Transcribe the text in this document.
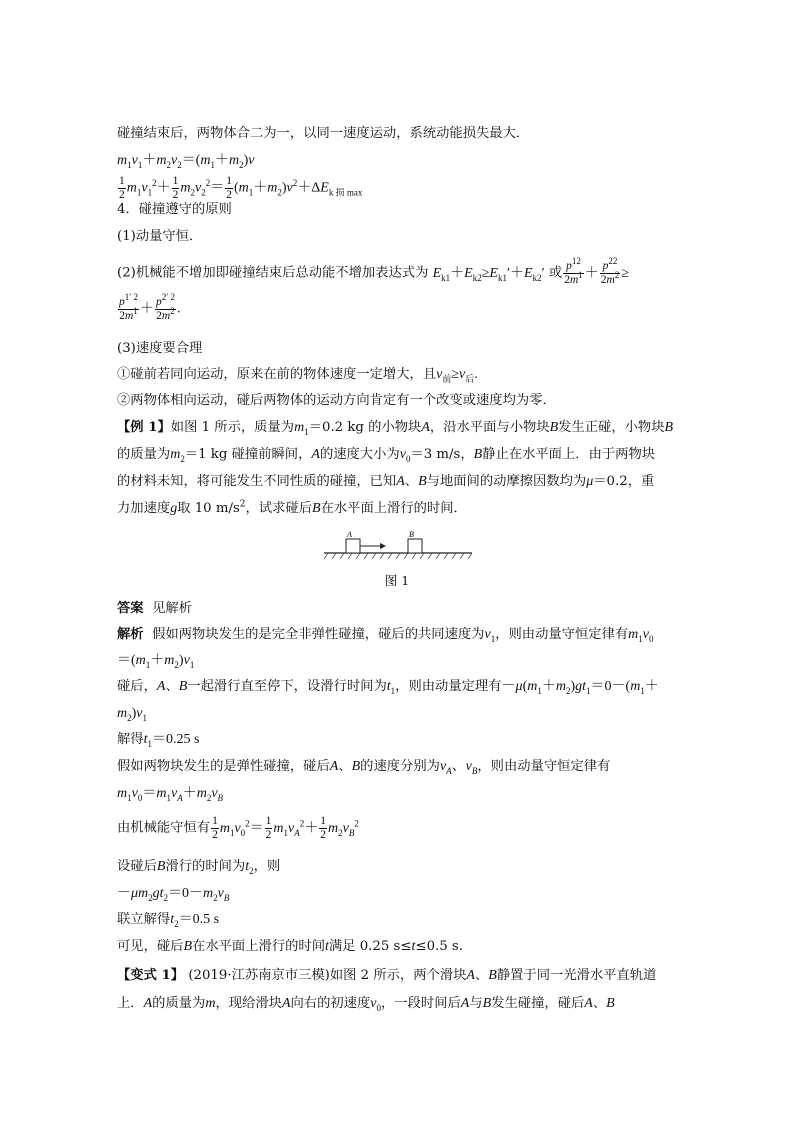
碰撞结束后，两物体合二为一，以同一速度运动，系统动能损失最大．
$m_1v_1+m_2v_2=(m_1+m_2)v$
$\frac{1}{2} m_1v_1^2+ \frac{1}{2} m_2v_2^2= \frac{1}{2} (m_1+m_2)v^2+\Delta E_{k 损 max}$
4．碰撞遵守的原则
(1)动量守恒．
(2)机械能不增加即碰撞结束后总动能不增加表达式为 $E_{k1}+E_{k2}\ge E_{k1}'+E_{k2}'$ 或 $\frac{p^{12}}{2m^1} + \frac{p^{22}}{2m^2}$ ≥
$\frac{p^{1' 2}}{2m^1} + \frac{p^{2' 2}}{2m^2}$ .
(3)速度要合理
①碰前若同向运动，原来在前的物体速度一定增大，且$v_前\ge v_后$.
②两物体相向运动，碰后两物体的运动方向肯定有一个改变或速度均为零．
【例 1】如图 1 所示，质量为$m_1=0.2$ kg 的小物块A，沿水平面与小物块B发生正碰，小物块B
的质量为$m_2=1$ kg 碰撞前瞬间，A的速度大小为$v_0=3$ m/s，B静止在水平面上．由于两物块
的材料未知，将可能发生不同性质的碰撞，已知A、B与地面间的动摩擦因数均为μ＝0.2，重
力加速度g取 10 $m/s^2$，试求碰后B在水平面上滑行的时间．
A	B
图 1
答案 见解析
解析 假如两物块发生的是完全非弹性碰撞，碰后的共同速度为$v_1$，则由动量守恒定律有$m_1v_0$
$=(m_1+m_2)v_1$
碰后，A、B一起滑行直至停下，设滑行时间为$t_1$，则由动量定理有$-\mu(m_1+m_2)gt_1=0-(m_1+$
$m_2)v_1$
解得$t_1=0.25$ s
假如两物块发生的是弹性碰撞，碰后A、B的速度分别为$v_A$、$v_B$，则由动量守恒定律有
$m_1v_0=m_1v_A+m_2v_B$
由机械能守恒有 $\frac{1}{2} m_1v_0^2= \frac{1}{2} m_1v_A^2+ \frac{1}{2} m_2v_B^2$
设碰后B滑行的时间为$t_2$，则
$-\mu m_2gt_2=0-m_2v_B$
联立解得$t_2=0.5$ s
可见，碰后B在水平面上滑行的时间t满足 0.25 s≤t≤0.5 s.
【变式 1】 (2019·江苏南京市三模)如图 2 所示，两个滑块A、B静置于同一光滑水平直轨道
上．A的质量为m，现给滑块A向右的初速度$v_0$，一段时间后A与B发生碰撞，碰后A、B
